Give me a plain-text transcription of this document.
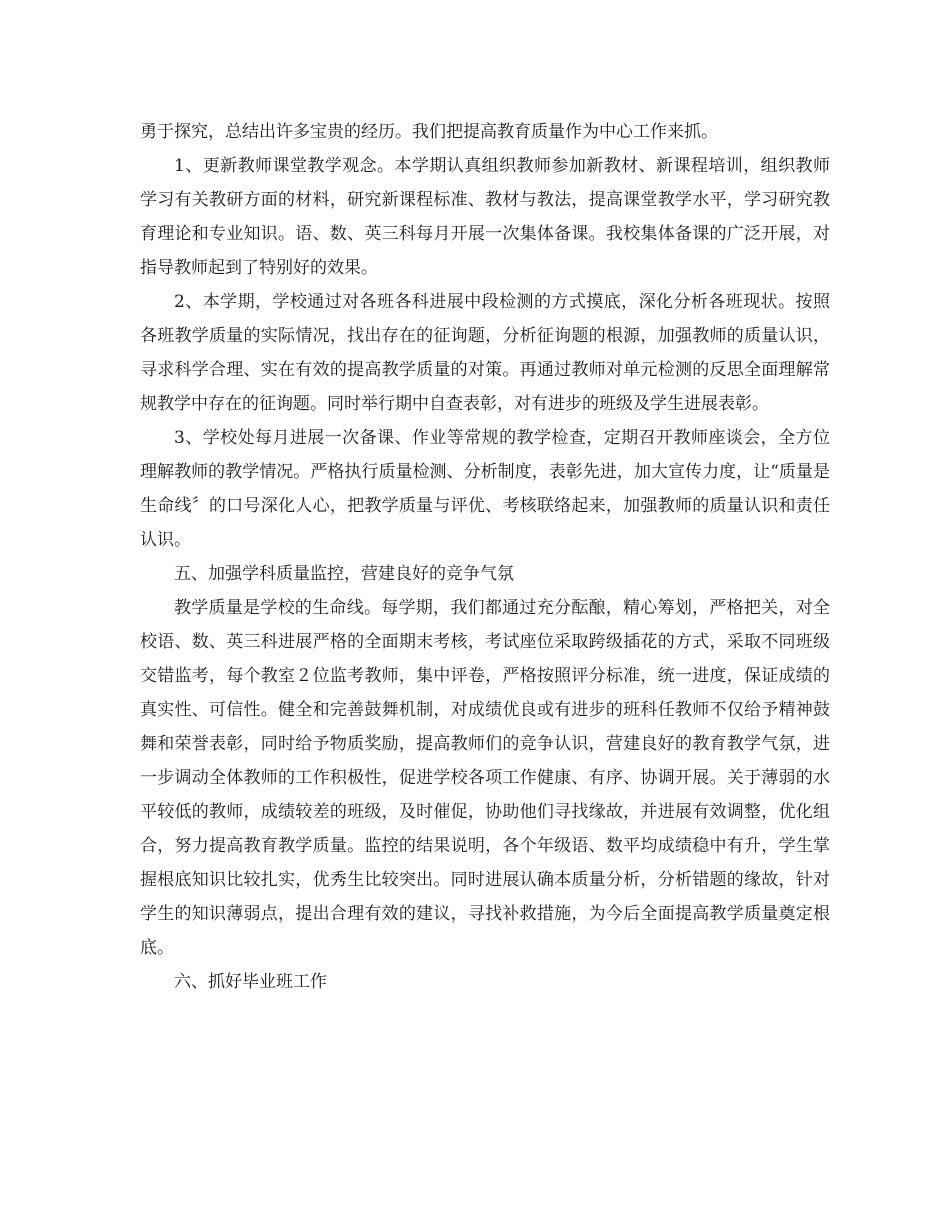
勇于探究，总结出许多宝贵的经历。我们把提高教育质量作为中心工作来抓。

1、更新教师课堂教学观念。本学期认真组织教师参加新教材、新课程培训，组织教师学习有关教研方面的材料，研究新课程标准、教材与教法，提高课堂教学水平，学习研究教育理论和专业知识。语、数、英三科每月开展一次集体备课。我校集体备课的广泛开展，对指导教师起到了特别好的效果。

2、本学期，学校通过对各班各科进展中段检测的方式摸底，深化分析各班现状。按照各班教学质量的实际情况，找出存在的征询题，分析征询题的根源，加强教师的质量认识，寻求科学合理、实在有效的提高教学质量的对策。再通过教师对单元检测的反思全面理解常规教学中存在的征询题。同时举行期中自查表彰，对有进步的班级及学生进展表彰。

3、学校处每月进展一次备课、作业等常规的教学检查，定期召开教师座谈会，全方位理解教师的教学情况。严格执行质量检测、分析制度，表彰先进，加大宣传力度，让“质量是生命线〞的口号深化人心，把教学质量与评优、考核联络起来，加强教师的质量认识和责任认识。

五、加强学科质量监控，营建良好的竞争气氛

教学质量是学校的生命线。每学期，我们都通过充分酝酿，精心筹划，严格把关，对全校语、数、英三科进展严格的全面期末考核，考试座位采取跨级插花的方式，采取不同班级交错监考，每个教室２位监考教师，集中评卷，严格按照评分标准，统一进度，保证成绩的真实性、可信性。健全和完善鼓舞机制，对成绩优良或有进步的班科任教师不仅给予精神鼓舞和荣誉表彰，同时给予物质奖励，提高教师们的竞争认识，营建良好的教育教学气氛，进一步调动全体教师的工作积极性，促进学校各项工作健康、有序、协调开展。关于薄弱的水平较低的教师，成绩较差的班级，及时催促，协助他们寻找缘故，并进展有效调整，优化组合，努力提高教育教学质量。监控的结果说明，各个年级语、数平均成绩稳中有升，学生掌握根底知识比较扎实，优秀生比较突出。同时进展认确本质量分析，分析错题的缘故，针对学生的知识薄弱点，提出合理有效的建议，寻找补救措施，为今后全面提高教学质量奠定根底。

六、抓好毕业班工作
